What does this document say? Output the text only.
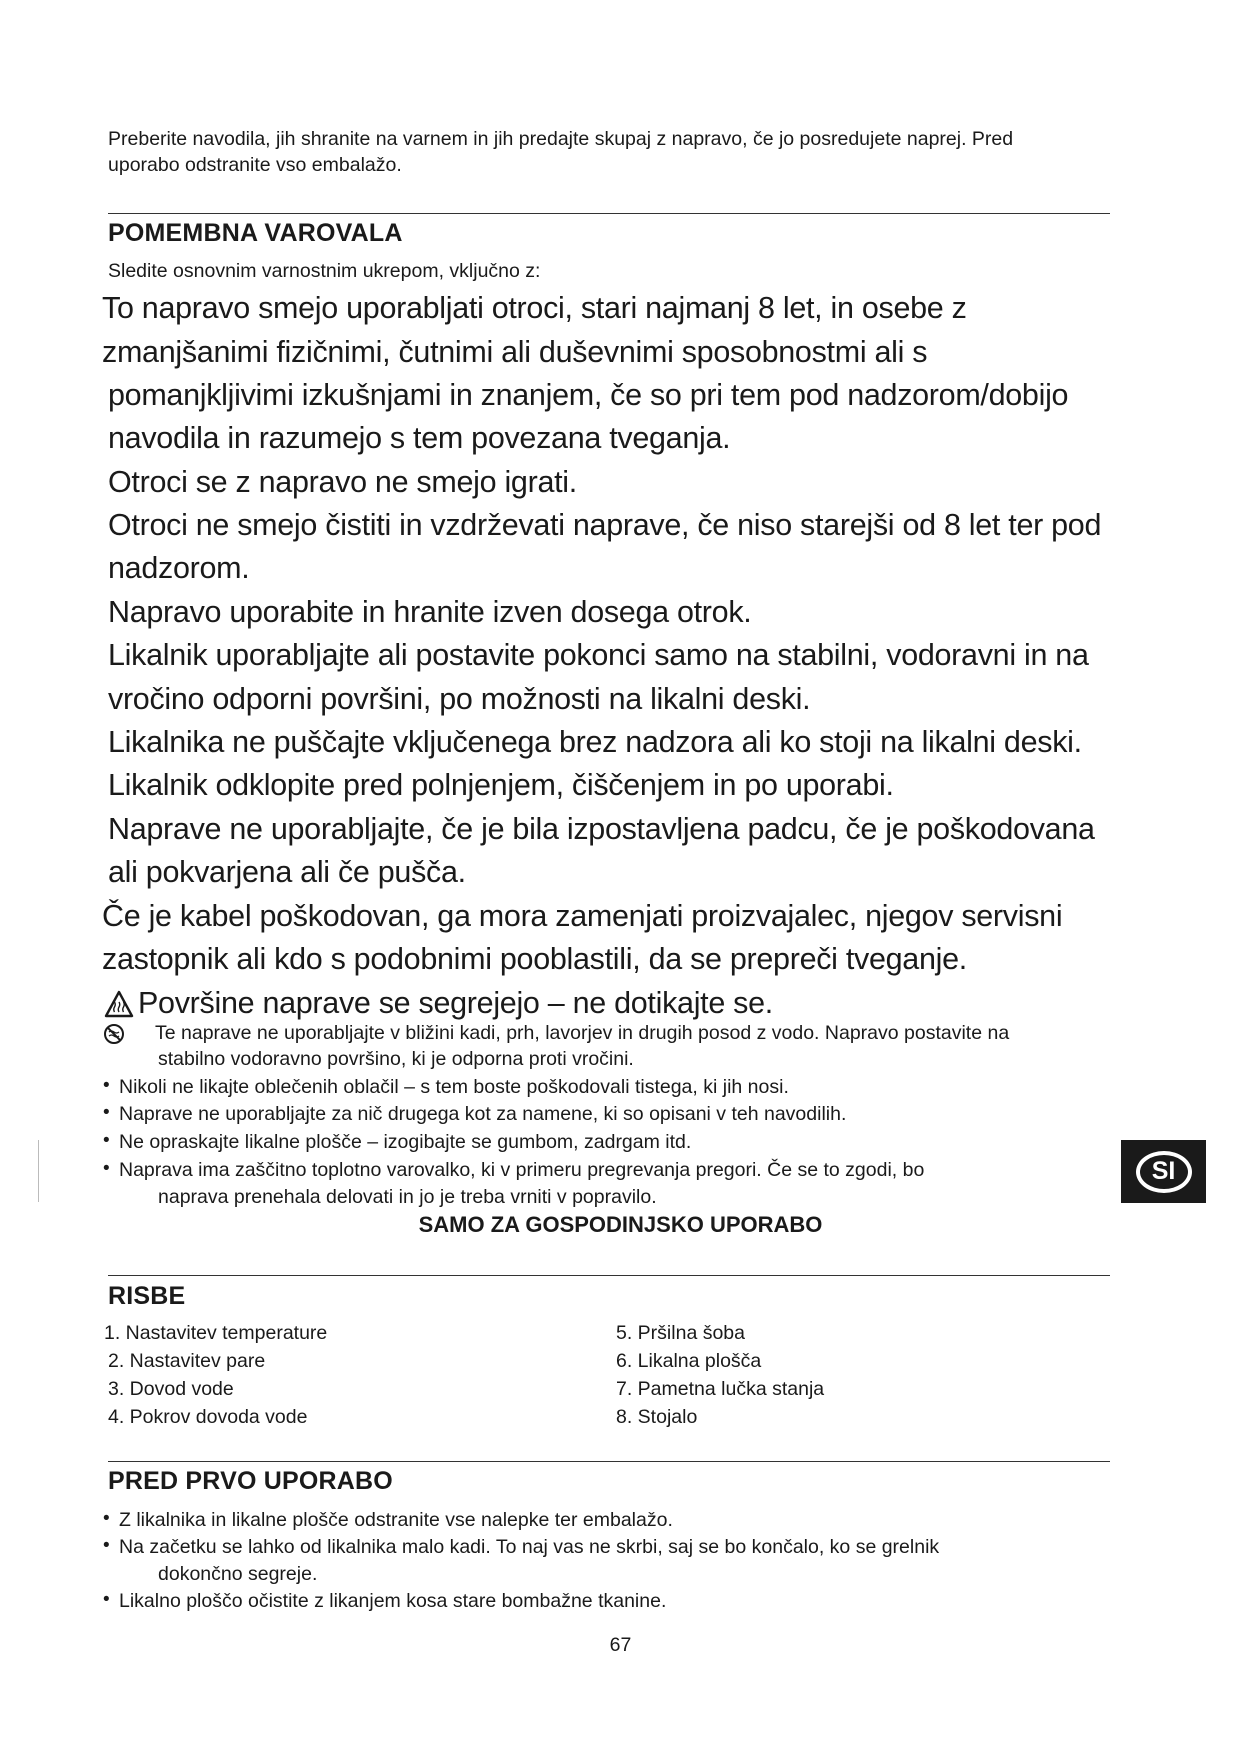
Preberite navodila, jih shranite na varnem in jih predajte skupaj z napravo, če jo posredujete naprej. Pred

uporabo odstranite vso embalažo.

POMEMBNA VAROVALA

Sledite osnovnim varnostnim ukrepom, vključno z:

To napravo smejo uporabljati otroci, stari najmanj 8 let, in osebe z

zmanjšanimi fizičnimi, čutnimi ali duševnimi sposobnostmi ali s

pomanjkljivimi izkušnjami in znanjem, če so pri tem pod nadzorom/dobijo

navodila in razumejo s tem povezana tveganja.

Otroci se z napravo ne smejo igrati.

Otroci ne smejo čistiti in vzdrževati naprave, če niso starejši od 8 let ter pod

nadzorom.

Napravo uporabite in hranite izven dosega otrok.

Likalnik uporabljajte ali postavite pokonci samo na stabilni, vodoravni in na

vročino odporni površini, po možnosti na likalni deski.

Likalnika ne puščajte vključenega brez nadzora ali ko stoji na likalni deski.

Likalnik odklopite pred polnjenjem, čiščenjem in po uporabi.

Naprave ne uporabljajte, če je bila izpostavljena padcu, če je poškodovana

ali pokvarjena ali če pušča.

Če je kabel poškodovan, ga mora zamenjati proizvajalec, njegov servisni

zastopnik ali kdo s podobnimi pooblastili, da se prepreči tveganje.

Površine naprave se segrejejo – ne dotikajte se.

Te naprave ne uporabljajte v bližini kadi, prh, lavorjev in drugih posod z vodo. Napravo postavite na

stabilno vodoravno površino, ki je odporna proti vročini.

• Nikoli ne likajte oblečenih oblačil – s tem boste poškodovali tistega, ki jih nosi.

• Naprave ne uporabljajte za nič drugega kot za namene, ki so opisani v teh navodilih.

• Ne opraskajte likalne plošče – izogibajte se gumbom, zadrgam itd.

• Naprava ima zaščitno toplotno varovalko, ki v primeru pregrevanja pregori. Če se to zgodi, bo

naprava prenehala delovati in jo je treba vrniti v popravilo.

SAMO ZA GOSPODINJSKO UPORABO

SI
RISBE

1. Nastavitev temperature

2. Nastavitev pare

3. Dovod vode

4. Pokrov dovoda vode

5. Pršilna šoba

6. Likalna plošča

7. Pametna lučka stanja

8. Stojalo

PRED PRVO UPORABO
• Z likalnika in likalne plošče odstranite vse nalepke ter embalažo.

• Na začetku se lahko od likalnika malo kadi. To naj vas ne skrbi, saj se bo končalo, ko se grelnik

dokončno segreje.

• Likalno ploščo očistite z likanjem kosa stare bombažne tkanine.

67
